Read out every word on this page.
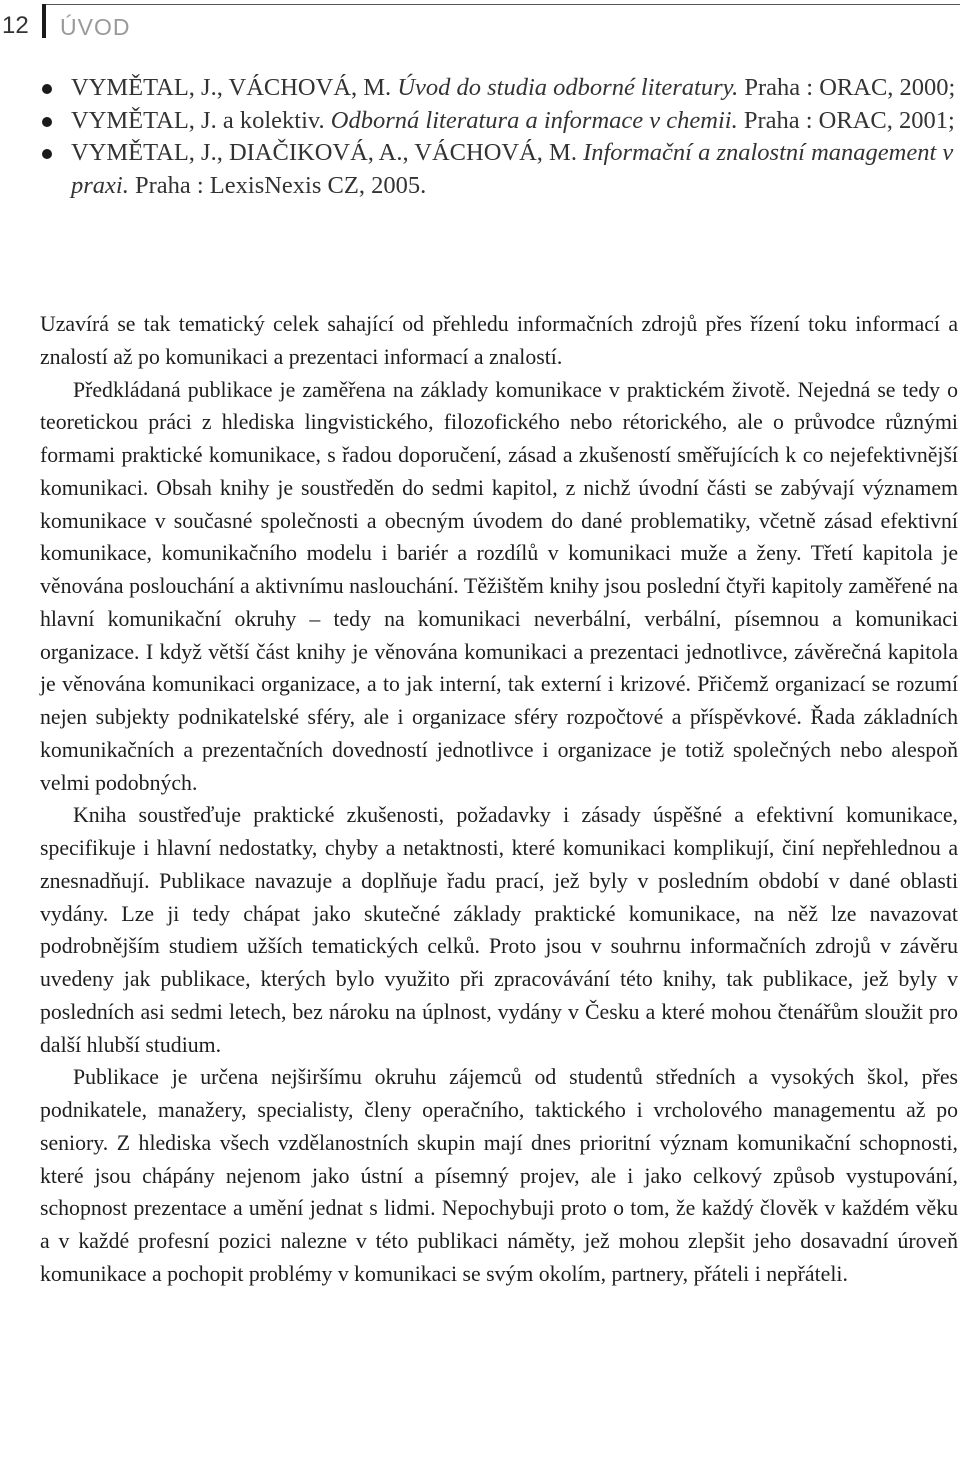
12 ÚVOD
VYMĚTAL, J., VÁCHOVÁ, M. Úvod do studia odborné literatury. Praha : ORAC, 2000;
VYMĚTAL, J. a kolektiv. Odborná literatura a informace v chemii. Praha : ORAC, 2001;
VYMĚTAL, J., DIAČIKOVÁ, A., VÁCHOVÁ, M. Informační a znalostní management v praxi. Praha : LexisNexis CZ, 2005.

Uzavírá se tak tematický celek sahající od přehledu informačních zdrojů přes řízení toku informací a znalostí až po komunikaci a prezentaci informací a znalostí.

Předkládaná publikace je zaměřena na základy komunikace v praktickém životě. Nejedná se tedy o teoretickou práci z hlediska lingvistického, filozofického nebo rétorického, ale o průvodce různými formami praktické komunikace, s řadou doporučení, zásad a zkušeností směřujících k co nejefektivnější komunikaci. Obsah knihy je soustředěn do sedmi kapitol, z nichž úvodní části se zabývají významem komunikace v současné společnosti a obecným úvodem do dané problematiky, včetně zásad efektivní komunikace, komunikačního modelu i bariér a rozdílů v komunikaci muže a ženy. Třetí kapitola je věnována poslouchání a aktivnímu naslouchání. Těžištěm knihy jsou poslední čtyři kapitoly zaměřené na hlavní komunikační okruhy – tedy na komunikaci neverbální, verbální, písemnou a komunikaci organizace. I když větší část knihy je věnována komunikaci a prezentaci jednotlivce, závěrečná kapitola je věnována komunikaci organizace, a to jak interní, tak externí i krizové. Přičemž organizací se rozumí nejen subjekty podnikatelské sféry, ale i organizace sféry rozpočtové a příspěvkové. Řada základních komunikačních a prezentačních dovedností jednotlivce i organizace je totiž společných nebo alespoň velmi podobných.

Kniha soustřeďuje praktické zkušenosti, požadavky i zásady úspěšné a efektivní komunikace, specifikuje i hlavní nedostatky, chyby a netaktnosti, které komunikaci komplikují, činí nepřehlednou a znesnadňují. Publikace navazuje a doplňuje řadu prací, jež byly v posledním období v dané oblasti vydány. Lze ji tedy chápat jako skutečné základy praktické komunikace, na něž lze navazovat podrobnějším studiem užších tematických celků. Proto jsou v souhrnu informačních zdrojů v závěru uvedeny jak publikace, kterých bylo využito při zpracovávání této knihy, tak publikace, jež byly v posledních asi sedmi letech, bez nároku na úplnost, vydány v Česku a které mohou čtenářům sloužit pro další hlubší studium.

Publikace je určena nejširšímu okruhu zájemců od studentů středních a vysokých škol, přes podnikatele, manažery, specialisty, členy operačního, taktického i vrcholového managementu až po seniory. Z hlediska všech vzdělanostních skupin mají dnes prioritní význam komunikační schopnosti, které jsou chápány nejenom jako ústní a písemný projev, ale i jako celkový způsob vystupování, schopnost prezentace a umění jednat s lidmi. Nepochybuji proto o tom, že každý člověk v každém věku a v každé profesní pozici nalezne v této publikaci náměty, jež mohou zlepšit jeho dosavadní úroveň komunikace a pochopit problémy v komunikaci se svým okolím, partnery, přáteli i nepřáteli.
